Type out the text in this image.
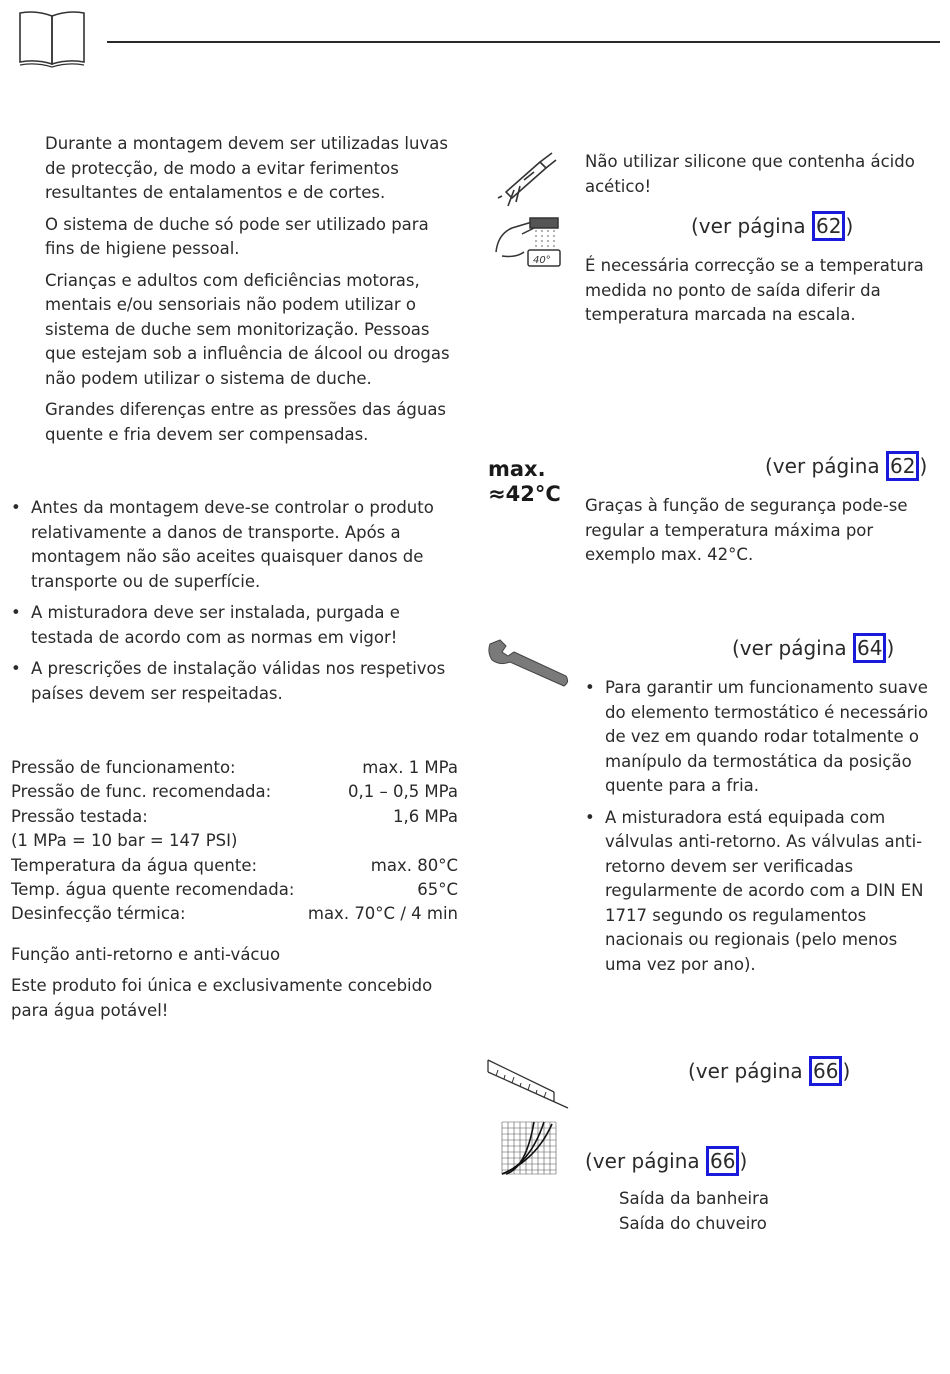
Durante a montagem devem ser utilizadas luvas de protecção, de modo a evitar ferimentos resultantes de entalamentos e de cortes.

O sistema de duche só pode ser utilizado para fins de higiene pessoal.

Crianças e adultos com deficiências motoras, mentais e/ou sensoriais não podem utilizar o sistema de duche sem monitorização. Pessoas que estejam sob a influência de álcool ou drogas não podem utilizar o sistema de duche.

Grandes diferenças entre as pressões das águas quente e fria devem ser compensadas.

• Antes da montagem deve-se controlar o produto relativamente a danos de transporte. Após a montagem não são aceites quaisquer danos de transporte ou de superfície.
• A misturadora deve ser instalada, purgada e testada de acordo com as normas em vigor!
• A prescrições de instalação válidas nos respetivos países devem ser respeitadas.
Pressão de funcionamento:	max. 1 MPa
Pressão de func. recomendada:	0,1 – 0,5 MPa
Pressão testada:	1,6 MPa
(1 MPa = 10 bar = 147 PSI)
Temperatura da água quente:	max. 80°C
Temp. água quente recomendada:	65°C
Desinfecção térmica:	max. 70°C / 4 min

Função anti-retorno e anti-vácuo

Este produto foi única e exclusivamente concebido para água potável!

Não utilizar silicone que contenha ácido acético!

40°
(ver página 62 )

É necessária correcção se a temperatura medida no ponto de saída diferir da temperatura marcada na escala.

max.
≈42°C
(ver página 62 )

Graças à função de segurança pode-se regular a temperatura máxima por exemplo max. 42°C.

(ver página 64 )
• Para garantir um funcionamento suave do elemento termostático é necessário de vez em quando rodar totalmente o manípulo da termostática da posição quente para a fria.
• A misturadora está equipada com válvulas anti-retorno. As válvulas anti-retorno devem ser verificadas regularmente de acordo com a DIN EN 1717 segundo os regulamentos nacionais ou regionais (pelo menos uma vez por ano).
(ver página 66 )
(ver página 66 )

Saída da banheira

Saída do chuveiro
